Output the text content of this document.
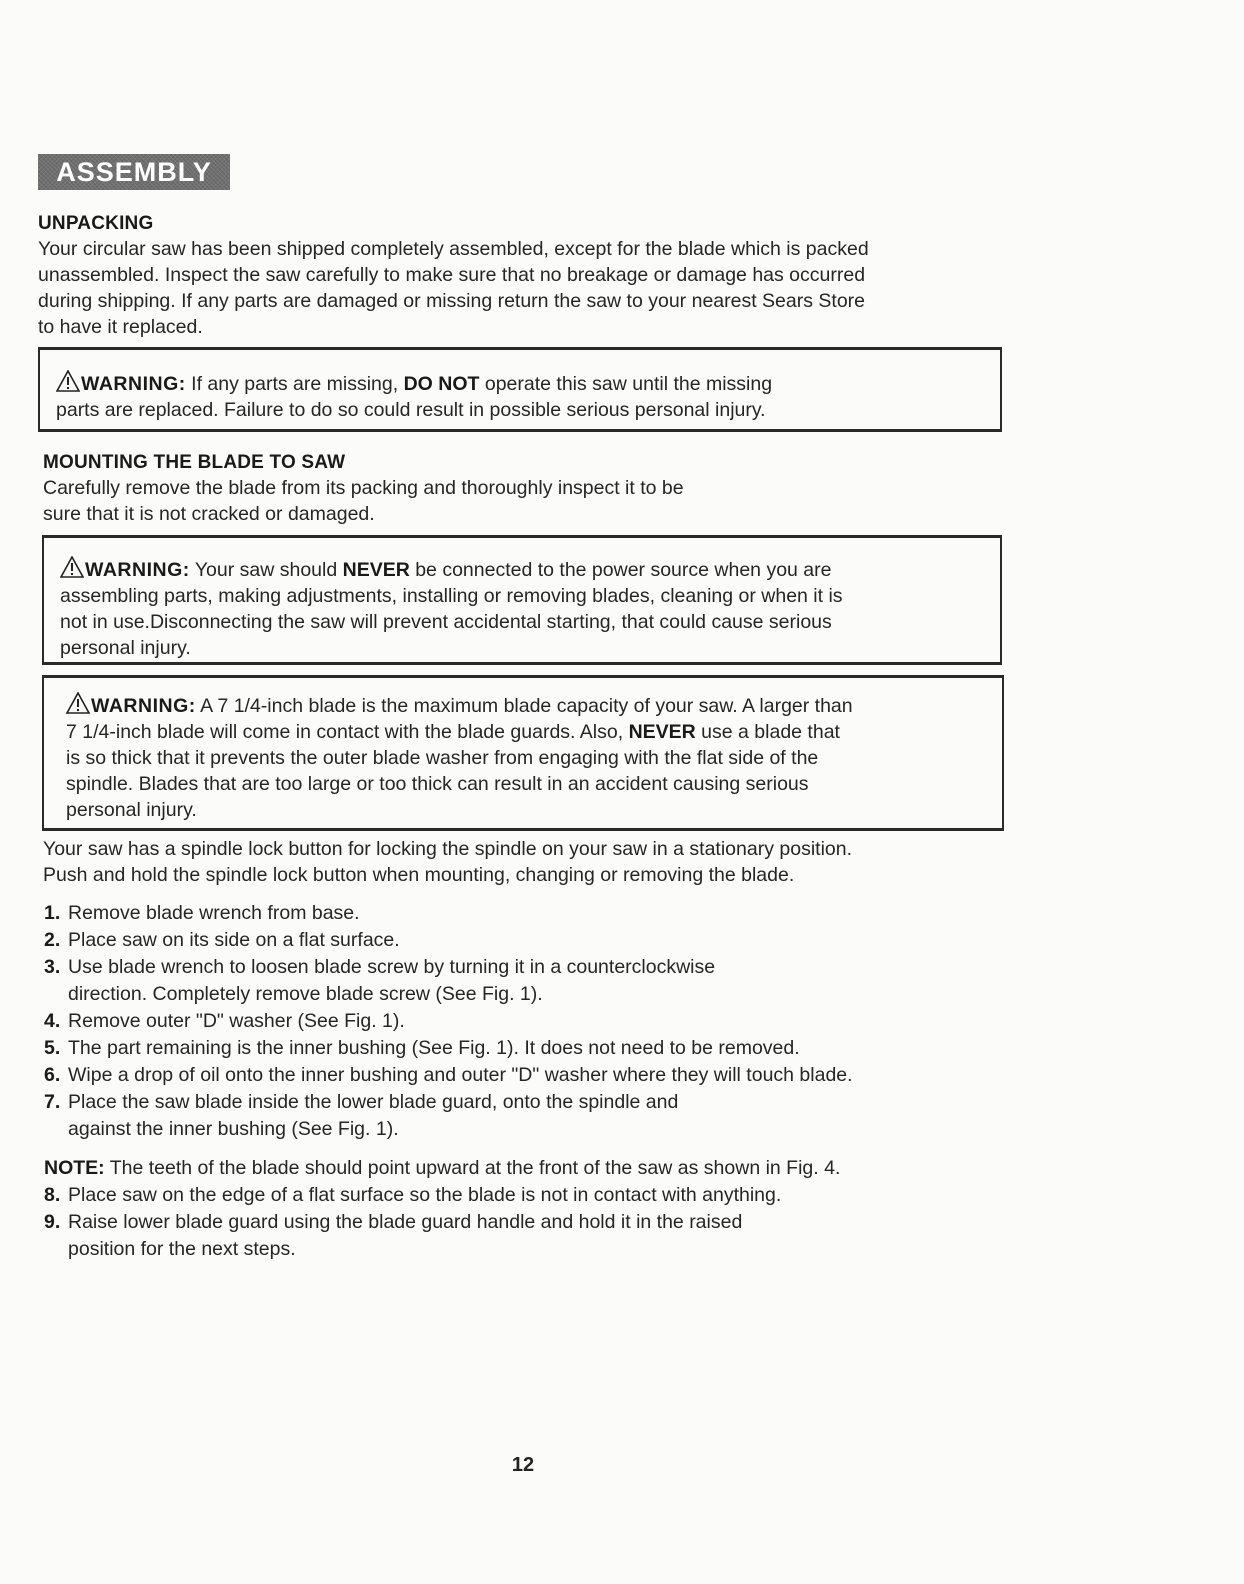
ASSEMBLY
UNPACKING
Your circular saw has been shipped completely assembled, except for the blade which is packed
unassembled. Inspect the saw carefully to make sure that no breakage or damage has occurred
during shipping. If any parts are damaged or missing return the saw to your nearest Sears Store
to have it replaced.
WARNING: If any parts are missing, DO NOT operate this saw until the missing
parts are replaced. Failure to do so could result in possible serious personal injury.
MOUNTING THE BLADE TO SAW
Carefully remove the blade from its packing and thoroughly inspect it to be
sure that it is not cracked or damaged.
WARNING: Your saw should NEVER be connected to the power source when you are
assembling parts, making adjustments, installing or removing blades, cleaning or when it is
not in use.Disconnecting the saw will prevent accidental starting, that could cause serious
personal injury.
WARNING: A 7 1/4-inch blade is the maximum blade capacity of your saw. A larger than
7 1/4-inch blade will come in contact with the blade guards. Also, NEVER use a blade that
is so thick that it prevents the outer blade washer from engaging with the flat side of the
spindle. Blades that are too large or too thick can result in an accident causing serious
personal injury.
Your saw has a spindle lock button for locking the spindle on your saw in a stationary position.
Push and hold the spindle lock button when mounting, changing or removing the blade.
1. Remove blade wrench from base.
2. Place saw on its side on a flat surface.
3. Use blade wrench to loosen blade screw by turning it in a counterclockwise
direction. Completely remove blade screw (See Fig. 1).
4. Remove outer "D" washer (See Fig. 1).
5. The part remaining is the inner bushing (See Fig. 1). It does not need to be removed.
6. Wipe a drop of oil onto the inner bushing and outer "D" washer where they will touch blade.
7. Place the saw blade inside the lower blade guard, onto the spindle and
against the inner bushing (See Fig. 1).
NOTE: The teeth of the blade should point upward at the front of the saw as shown in Fig. 4.
8. Place saw on the edge of a flat surface so the blade is not in contact with anything.
9. Raise lower blade guard using the blade guard handle and hold it in the raised
position for the next steps.
12
